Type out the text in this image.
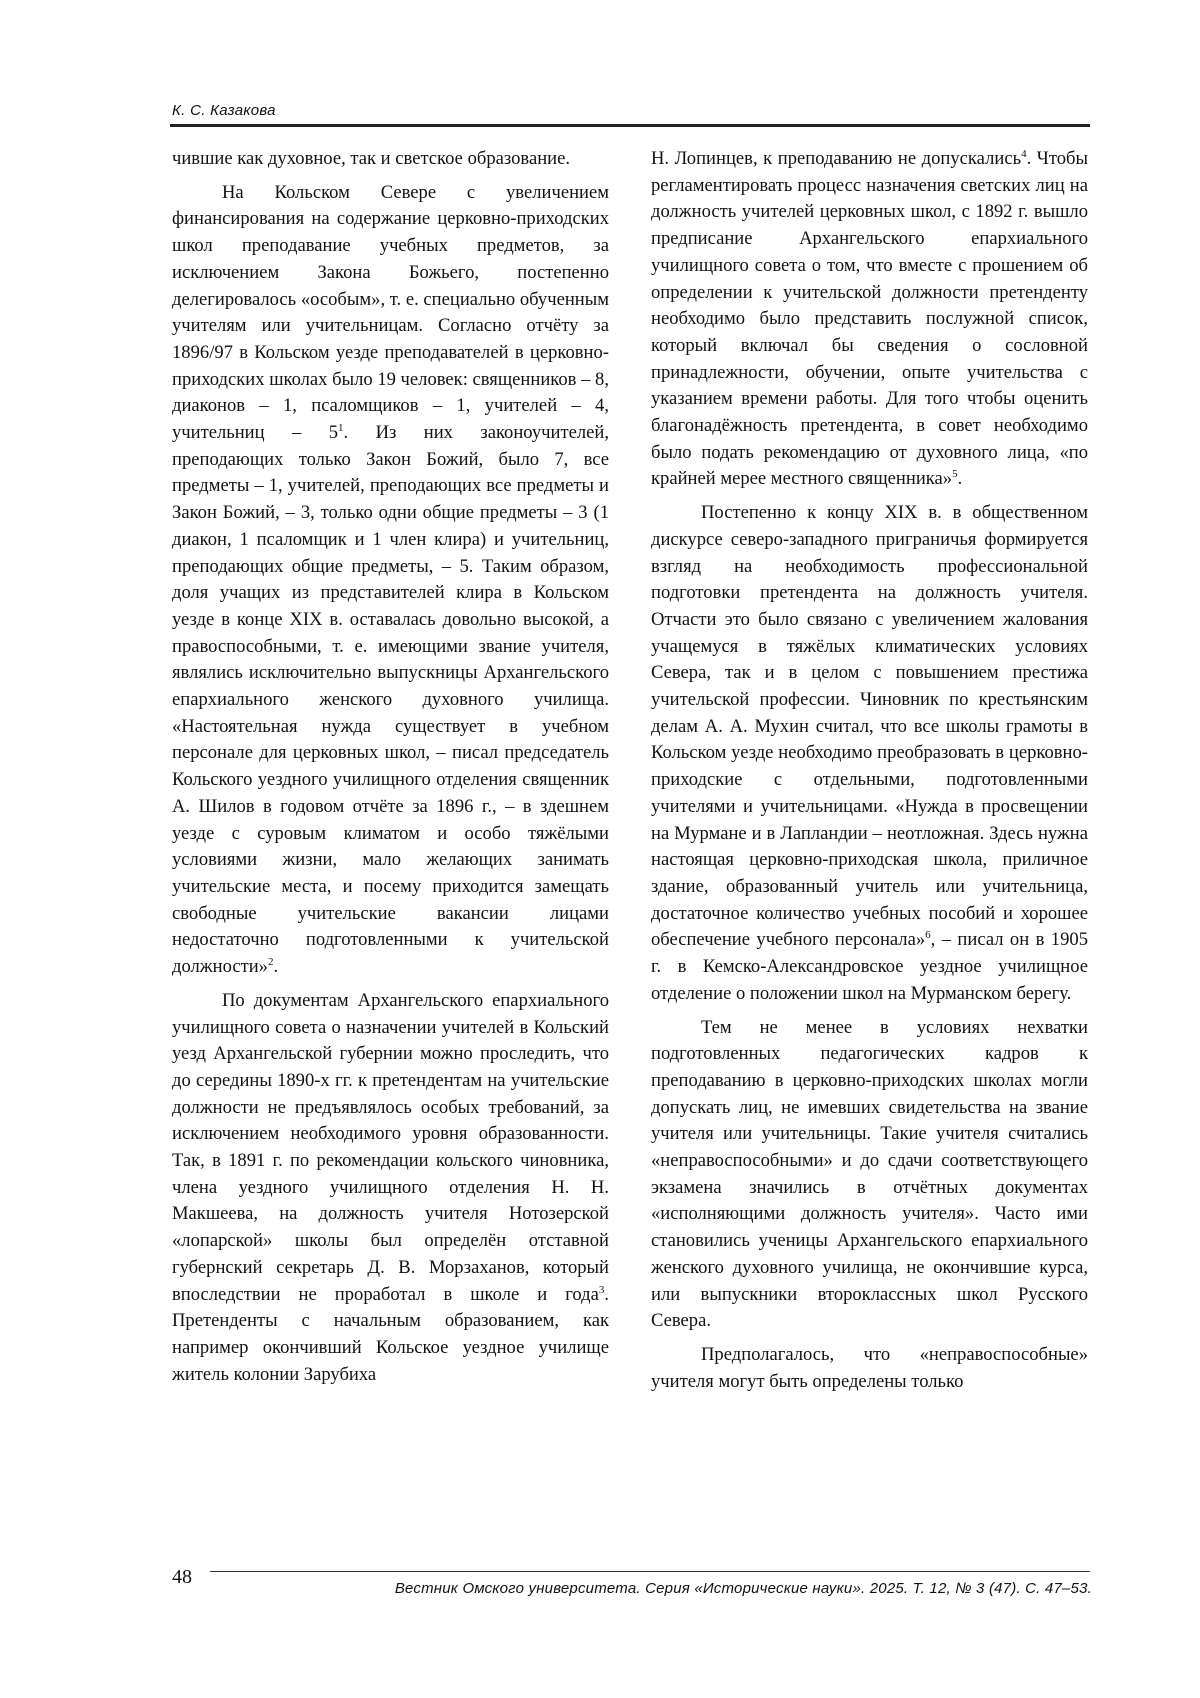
К. С. Казакова

чившие как духовное, так и светское образование.

На Кольском Севере с увеличением финансирования на содержание церковно-приходских школ преподавание учебных предметов, за исключением Закона Божьего, постепенно делегировалось «особым», т. е. специально обученным учителям или учительницам. Согласно отчёту за 1896/97 в Кольском уезде преподавателей в церковно-приходских школах было 19 человек: священников – 8, диаконов – 1, псаломщиков – 1, учителей – 4, учительниц – $5^1$. Из них законоучителей, преподающих только Закон Божий, было 7, все предметы – 1, учителей, преподающих все предметы и Закон Божий, – 3, только одни общие предметы – 3 (1 диакон, 1 псаломщик и 1 член клира) и учительниц, преподающих общие предметы, – 5. Таким образом, доля учащих из представителей клира в Кольском уезде в конце XIX в. оставалась довольно высокой, а правоспособными, т. е. имеющими звание учителя, являлись исключительно выпускницы Архангельского епархиального женского духовного училища. «Настоятельная нужда существует в учебном персонале для церковных школ, – писал председатель Кольского уездного училищного отделения священник А. Шилов в годовом отчёте за 1896 г., – в здешнем уезде с суровым климатом и особо тяжёлыми условиями жизни, мало желающих занимать учительские места, и посему приходится замещать свободные учительские вакансии лицами недостаточно подготовленными к учительской должности»$^2$.

По документам Архангельского епархиального училищного совета о назначении учителей в Кольский уезд Архангельской губернии можно проследить, что до середины 1890-х гг. к претендентам на учительские должности не предъявлялось особых требований, за исключением необходимого уровня образованности. Так, в 1891 г. по рекомендации кольского чиновника, члена уездного училищного отделения Н. Н. Макшеева, на должность учителя Нотозерской «лопарской» школы был определён отставной губернский секретарь Д. В. Морзаханов, который впоследствии не проработал в школе и года$^3$. Претенденты с начальным образованием, как например окончивший Кольское уездное училище житель колонии Зарубиха

Н. Лопинцев, к преподаванию не допускались$^4$. Чтобы регламентировать процесс назначения светских лиц на должность учителей церковных школ, с 1892 г. вышло предписание Архангельского епархиального училищного совета о том, что вместе с прошением об определении к учительской должности претенденту необходимо было представить послужной список, который включал бы сведения о сословной принадлежности, обучении, опыте учительства с указанием времени работы. Для того чтобы оценить благонадёжность претендента, в совет необходимо было подать рекомендацию от духовного лица, «по крайней мерее местного священника»$^5$.

Постепенно к концу XIX в. в общественном дискурсе северо-западного приграничья формируется взгляд на необходимость профессиональной подготовки претендента на должность учителя. Отчасти это было связано с увеличением жалования учащемуся в тяжёлых климатических условиях Севера, так и в целом с повышением престижа учительской профессии. Чиновник по крестьянским делам А. А. Мухин считал, что все школы грамоты в Кольском уезде необходимо преобразовать в церковно-приходские с отдельными, подготовленными учителями и учительницами. «Нужда в просвещении на Мурмане и в Лапландии – неотложная. Здесь нужна настоящая церковно-приходская школа, приличное здание, образованный учитель или учительница, достаточное количество учебных пособий и хорошее обеспечение учебного персонала»$^6$, – писал он в 1905 г. в Кемско-Александровское уездное училищное отделение о положении школ на Мурманском берегу.

Тем не менее в условиях нехватки подготовленных педагогических кадров к преподаванию в церковно-приходских школах могли допускать лиц, не имевших свидетельства на звание учителя или учительницы. Такие учителя считались «неправоспособными» и до сдачи соответствующего экзамена значились в отчётных документах «исполняющими должность учителя». Часто ими становились ученицы Архангельского епархиального женского духовного училища, не окончившие курса, или выпускники второклассных школ Русского Севера.

Предполагалось, что «неправоспособные» учителя могут быть определены только

48
Вестник Омского университета. Серия «Исторические науки». 2025. Т. 12, № 3 (47). С. 47–53.
